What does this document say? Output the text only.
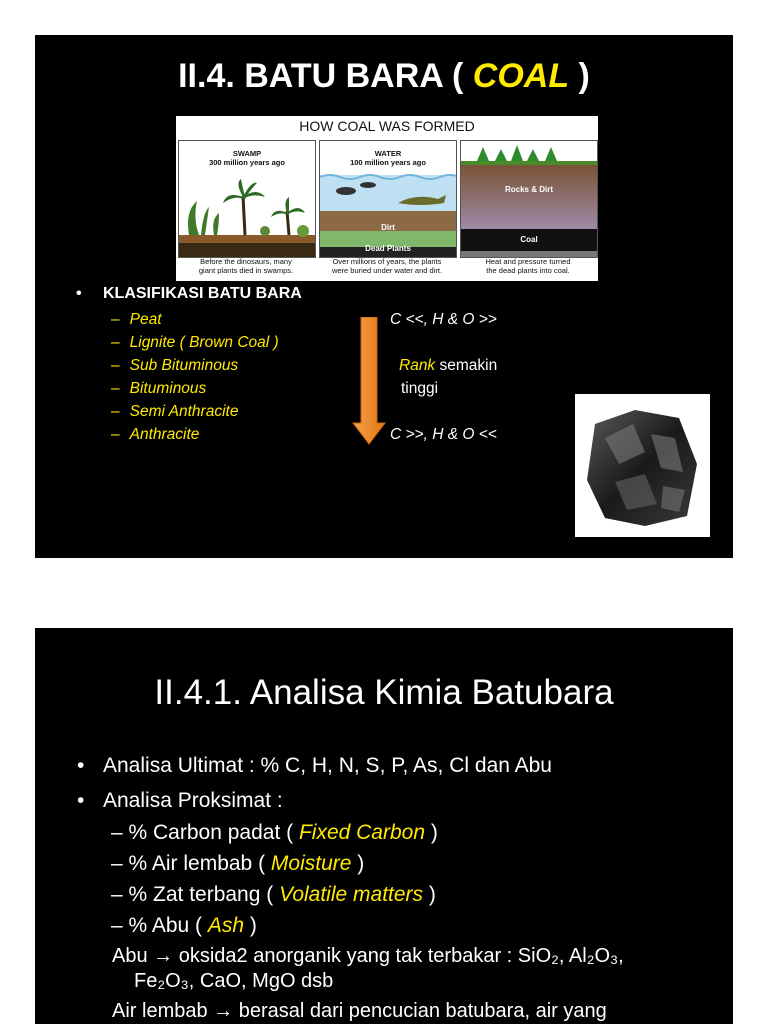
II.4. BATU BARA ( COAL )
HOW COAL WAS FORMED
SWAMP
300 million years ago
WATER
100 million years ago
Dirt
Dead Plants
Rocks & Dirt
Coal
Before the dinosaurs, many
giant plants died in swamps.
Over millions of years, the plants
were buried under water and dirt.
Heat and pressure turned
the dead plants into coal.
• KLASIFIKASI BATU BARA
– Peat
– Lignite ( Brown Coal )
– Sub Bituminous
– Bituminous
– Semi Anthracite
– Anthracite
C <<, H & O >>
Rank semakin
tinggi
C >>, H & O <<
II.4.1. Analisa Kimia Batubara
• Analisa Ultimat : % C, H, N, S, P, As, Cl dan Abu
• Analisa Proksimat :
– % Carbon padat ( Fixed Carbon )
– % Air lembab ( Moisture )
– % Zat terbang ( Volatile matters )
– % Abu ( Ash )
Abu → oksida2 anorganik yang tak terbakar : SiO₂, Al₂O₃,
Fe₂O₃, CaO, MgO dsb
Air lembab → berasal dari pencucian batubara, air yang
